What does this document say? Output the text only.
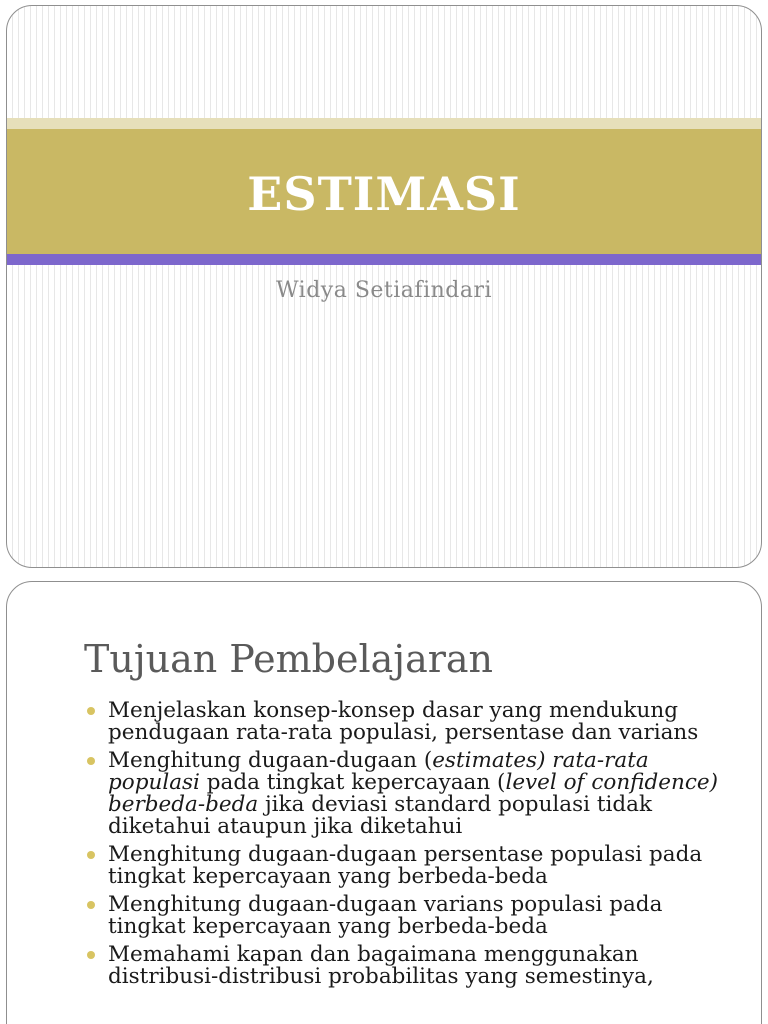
ESTIMASI
Widya Setiafindari
Tujuan Pembelajaran
Menjelaskan konsep-konsep dasar yang mendukung pendugaan rata-rata populasi, persentase dan varians
Menghitung dugaan-dugaan (estimates) rata-rata populasi pada tingkat kepercayaan (level of confidence) berbeda-beda jika deviasi standard populasi tidak diketahui ataupun jika diketahui
Menghitung dugaan-dugaan persentase populasi pada tingkat kepercayaan yang berbeda-beda
Menghitung dugaan-dugaan varians populasi pada tingkat kepercayaan yang berbeda-beda
Memahami kapan dan bagaimana menggunakan distribusi-distribusi probabilitas yang semestinya,
